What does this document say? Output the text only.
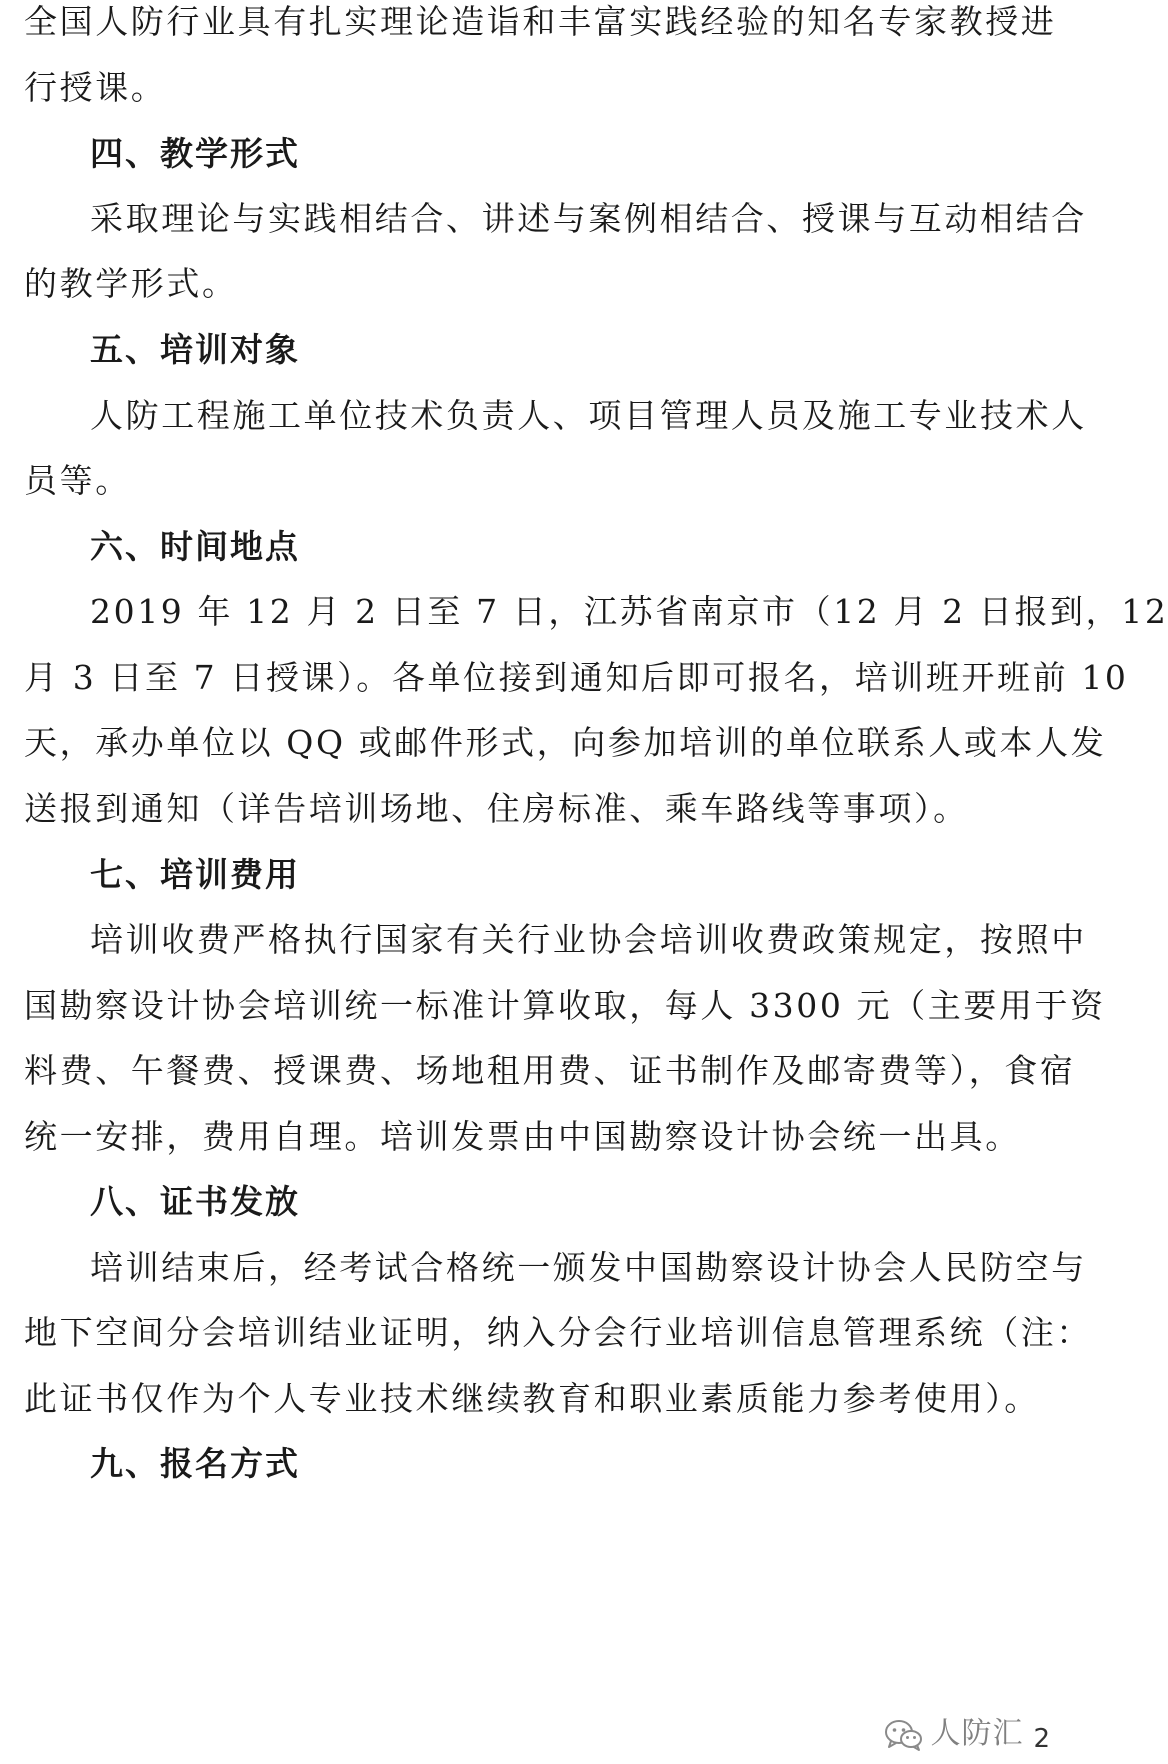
全国人防行业具有扎实理论造诣和丰富实践经验的知名专家教授进
行授课。
四、教学形式
采取理论与实践相结合、讲述与案例相结合、授课与互动相结合
的教学形式。
五、培训对象
人防工程施工单位技术负责人、项目管理人员及施工专业技术人
员等。
六、时间地点
2019 年 12 月 2 日至 7 日，江苏省南京市（12 月 2 日报到，12
月 3 日至 7 日授课）。各单位接到通知后即可报名，培训班开班前 10
天，承办单位以 QQ 或邮件形式，向参加培训的单位联系人或本人发
送报到通知（详告培训场地、住房标准、乘车路线等事项）。
七、培训费用
培训收费严格执行国家有关行业协会培训收费政策规定，按照中
国勘察设计协会培训统一标准计算收取，每人 3300 元（主要用于资
料费、午餐费、授课费、场地租用费、证书制作及邮寄费等），食宿
统一安排，费用自理。培训发票由中国勘察设计协会统一出具。
八、证书发放
培训结束后，经考试合格统一颁发中国勘察设计协会人民防空与
地下空间分会培训结业证明，纳入分会行业培训信息管理系统（注：
此证书仅作为个人专业技术继续教育和职业素质能力参考使用）。
九、报名方式
人防汇 2
